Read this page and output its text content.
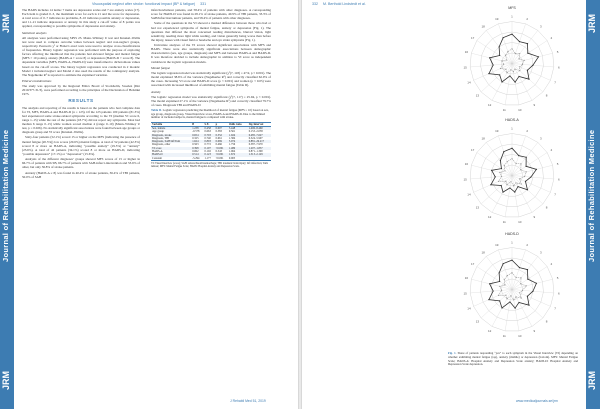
JRM
Journal of Rehabilitation Medicine
JRM
Visuospatial neglect after stroke: functional impact (BP & fatigue) 331

The HADS includes 14 items: 7 items are depression scales and 7 are anxiety scales (17). Each item is graded 0–3, the maximum score for each is 21 and the score for depression. A total score of 0–7 indicates no problems, 8–10 indicates possible anxiety or depression, and 11–21 indicate depression or anxiety. In this study a cut-off value of 8 points was applied, corresponding to possible symptoms of depression and anxiety.

Statistical analysis

All analyses were performed using SPSS 23. Mann–Whitney U test and Kruskal–Wallis test were used to compare outcome values between neglect and non-neglect groups, respectively. Pearson's χ² or Fisher's exact tests were used to analyse cross-classifications of frequencies. Binary logistic regression was performed with the purpose of exploring factors affecting the likelihood that the patients had elevated fatigue and mental fatigue (MFS > 10 points), anxiety (HADS-A > score 8) or depression (HADS-D > score 8). The dependent variables (MFS, HADS-A, HADS-D) were transformed to dichotomous values based on the cut-off scores. The binary logistic regression was conducted in 2 models: Model 1 included neglect and Model 2 also used the results of the contingency analysis. The Nagelkerke R² is reported to estimate the explained variation.

Ethical considerations

The study was approved by the Regional Ethics Board of Stockholm, Sweden (Dnr 2010/377-31/3), were performed according to the principles of the Declaration of Helsinki 1975.

RESULTS

The analysis and reporting of the results is based on the patients who had complete data for VI, MFS, HADS-A and HADS-D (n = 123). Of the 123 patients 100 patients (81.3%) had experienced some stroke-related symptoms according to the VI (median VI score 6, range 1–15) while the rest of the patients (18.7%) did not report any symptoms. Most had median 6 range 0–15) while women scored median 4 (range 0–10) (Mann–Whitney U test, p = 0.026). No statistically significant associations were found between age groups or diagnosis group and VI score (Kruskal–Wallis).

Sixty-four patients (52.1%) scored 15 or higher on the MFS (indicating the presence of mental fatigue (20.5%)) low scores (20.6%) mental fatigue. A total of 52 patients (42.3%) scored 8 or more on HADS-A, indicating “possible anxiety” (19.5%) or “anxiety” (23.6%). A total of 42 patients (34.1%) scored 8 or more on HADS-D, indicating “possible depression” (17.1%) or “depression” (15.6%).

Analysis of the different diagnoses’ groups showed MFS scores of 15 or higher in 66.7% of patients with SB, 66.7% of patients with SAH-infarct-intervention and 53.6% of other, but only 36.8% of stroke patients.

Anxiety (HADS-A ≥ 8) was found in 40.4% of stroke patients, 36.4% of TBI patients, 50.0% of SAH

infarction/tumour patients, and 58.4% of patients with other diagnoses. A corresponding score for HADS-D was found in 28.1% of stroke patients, 40.9% of TBI patients, 33.3% of SAH/infarction/tumour patients, and 58.4% of patients with other diagnoses.

Some of the questions in the VI showed a marked difference between those who had or had not experienced symptoms of mental fatigue, anxiety or depression (Fig. 1). The questions that differed the most concerned reading disturbances, blurred vision, light sensitivity, needing more light while reading, and vision generally being worse than before the injury, issues with visual field or headache and eye strain symptoms (Fig. 1).

Univariate analyses of the VI scores showed significant associations with MFS and HADS. There were also statistically significant associations between demographic characteristics (sex, age groups, diagnosis) and MFS and between HADS-A and HADS-D. It was therefore decided to include demographic in addition to VI score as independent variables in the logistic regression models.

Mental fatigue

The logistic regression model was statistically significant (χ²(7, 118) = 47.9, p < 0.001). The model explained 38.6% of the variance (Nagelkerke R²) and correctly classified 62.9% of the cases. Increasing VI score and HADS-D score (p < 0.001) and women (p < 0.05) were associated with increased likelihood of exhibiting mental fatigue (Table II).

Anxiety

The logistic regression model was statistically significant (χ²(7, 117) = 25.94, p < 0.001). The model explained 27.1% of the variance (Nagelkerke R²) and correctly classified 79.7% of cases. Diagnosis TBI and HADS-D

Table II. Logistic regression predicting the likelihood of mental fatigue (MFS ≥ 10) based on sex, age group, diagnosis group, Visual Interview score, HADS-A and HADS-D. Due to the limited number of included subjects, mental fatigue is compared with stroke.
Variable	B	S.E.	p	Odds ratio	Sig./interval
Sex, female	1.238	0.458	0.007	3.448	1.406–8.460
Age group	-0.578	0.663	0.383	0.561	0.153–2.058
Diagnosis, stroke	0.654	0.703	0.352	1.924	0.485–7.627
Diagnosis, TBI	0.325	0.740	0.661	1.384	0.324–5.907
Diagnosis, SAH/inf/Tum	1.624	0.893	0.069	5.074	0.881–29.217
Diagnosis, other	0.563	0.772	0.466	1.756	0.387–7.970
VI score	0.398	0.107	<0.001	1.489	1.207–1.837
HADS-A	0.062	0.102	0.543	1.064	0.871–1.300
HADS-D	0.514	0.123	<0.001	1.672	1.313–2.129
Constant	-5.294	1.177	<0.001	0.005	
VI: Visual Interview (score); SAH: subarachnoid haemorrhage; TBI: traumatic brain injury; Inf: infarction; Tum: tumour; MFS: Mental Fatigue Scale; HADS: Hospital Anxiety and Depression Scale.
J Rehabil Med 51, 2019
332 M. Berthold Lindstedt et al.
MFS
1
2
3
4
5
6
7
8
9
10
11
12
13
14
15
16
17
18
19
HADS-A
1
2
3
4
5
6
7
8
9
10
11
12
13
14
15
16
17
18
19
HADS-D
1
2
3
4
5
6
7
8
9
10
11
12
13
14
15
16
17
18
19
Fig. 1. Share of patients responding “yes” to each symptom in the Visual Interview (VI) depending on whether exhibiting mental fatigue (top), anxiety (middle) or depression (bottom). MFS: Mental Fatigue Scale; HADS-A: Hospital Anxiety and Depression Scale anxiety; HADS-D: Hospital Anxiety and Depression Scale depression.
www.medicaljournals.se/jrm
JRM
Journal of Rehabilitation Medicine
JRM
